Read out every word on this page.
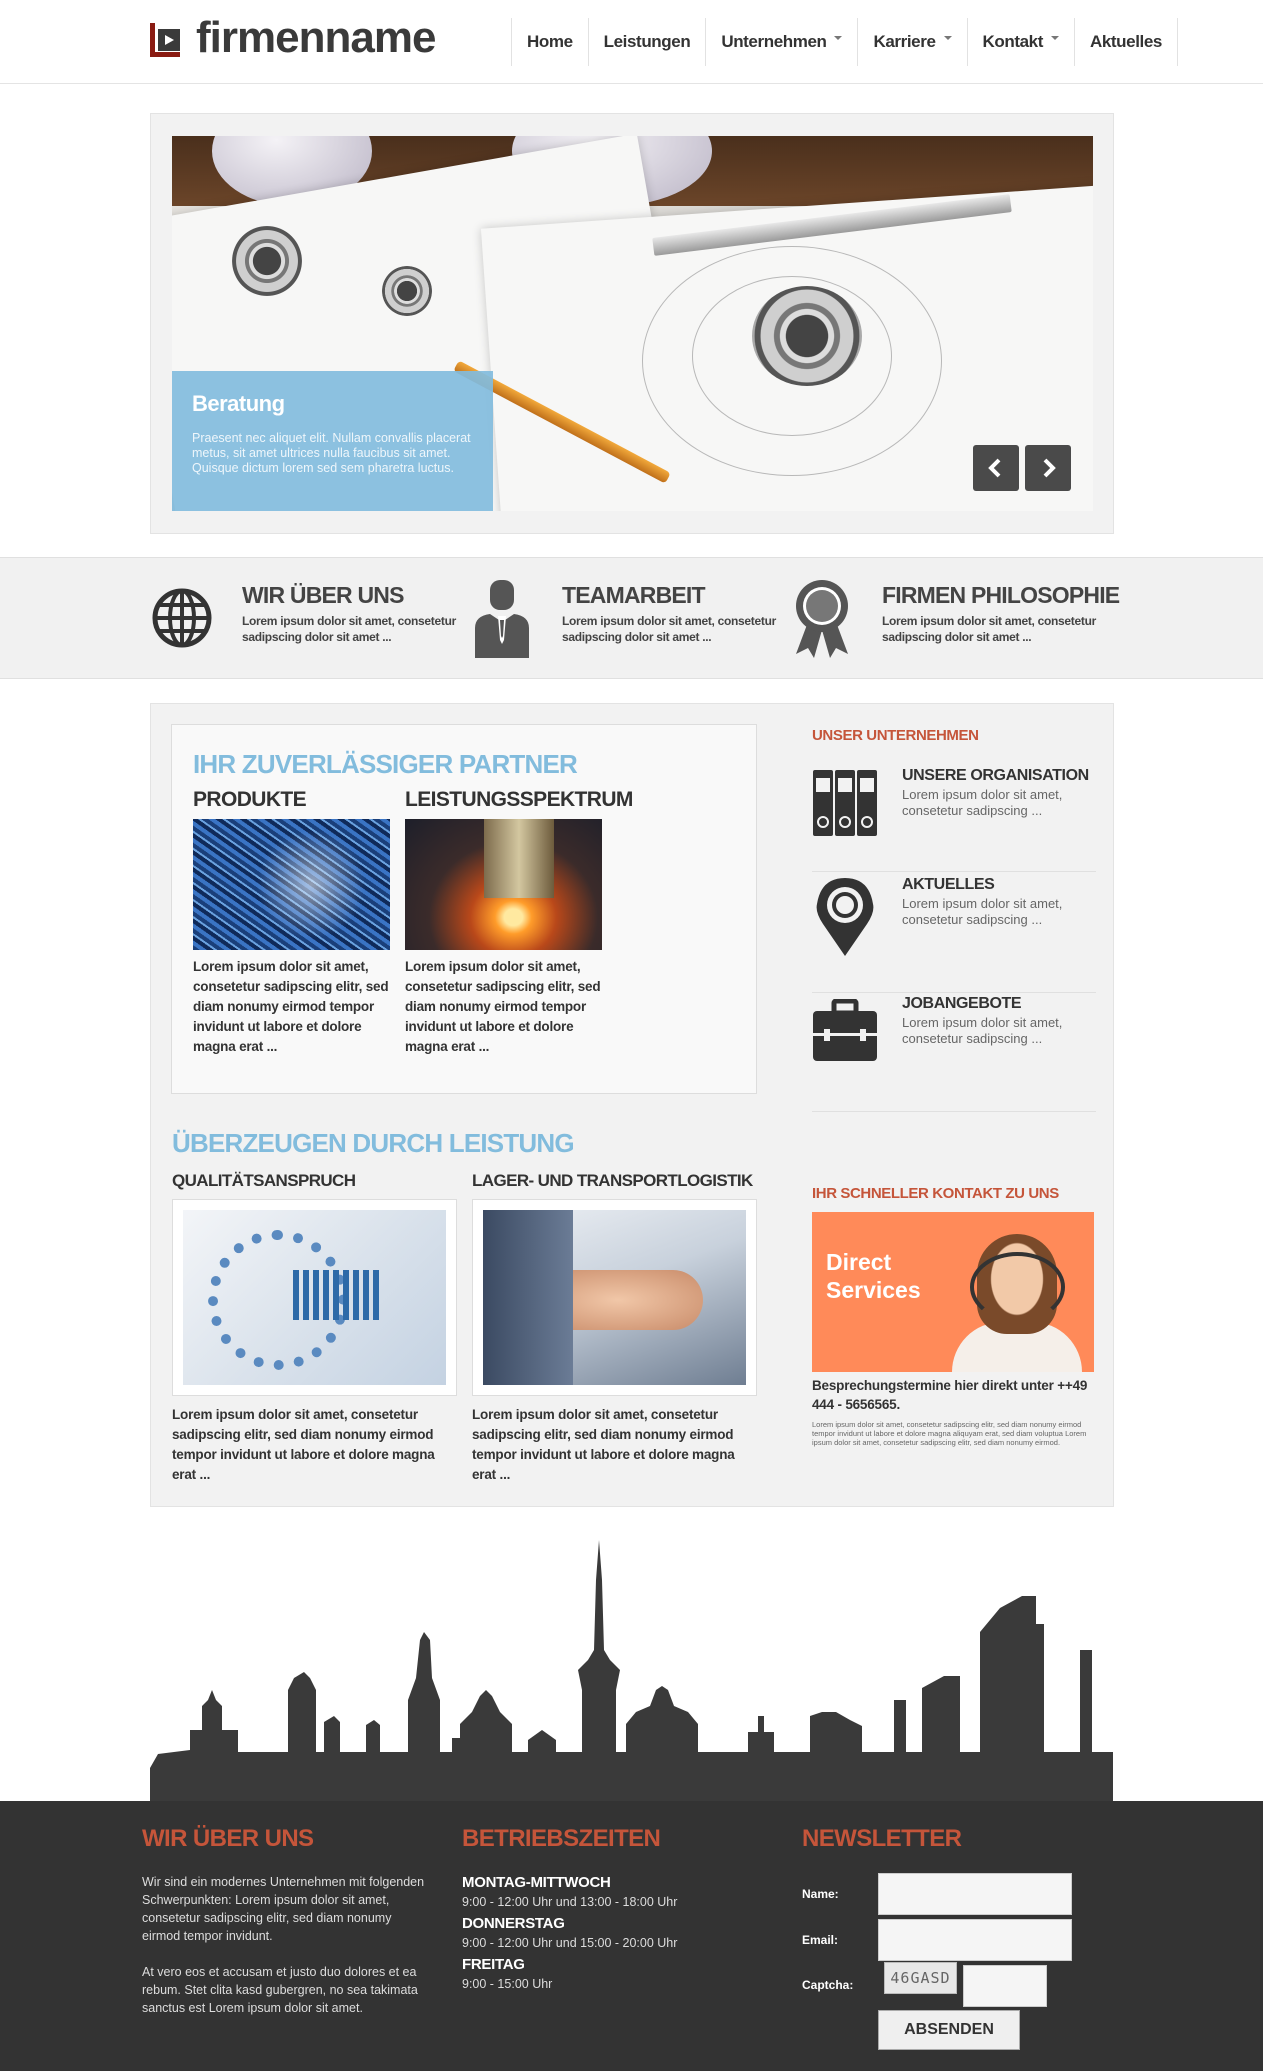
firmenname	Home Leistungen Unternehmen	Karriere	Kontakt	Aktuelles
Beratung

Praesent nec aliquet elit. Nullam convallis placerat metus, sit amet ultrices nulla faucibus sit amet. Quisque dictum lorem sed sem pharetra luctus.

WIR ÜBER UNS

Lorem ipsum dolor sit amet, consetetur sadipscing dolor sit amet ...

TEAMARBEIT

Lorem ipsum dolor sit amet, consetetur sadipscing dolor sit amet ...

FIRMEN PHILOSOPHIE

Lorem ipsum dolor sit amet, consetetur sadipscing dolor sit amet ...

IHR ZUVERLÄSSIGER PARTNER
PRODUKTE
Lorem ipsum dolor sit amet, consetetur sadipscing elitr, sed diam nonumy eirmod tempor invidunt ut labore et dolore magna erat ...
LEISTUNGSSPEKTRUM
Lorem ipsum dolor sit amet, consetetur sadipscing elitr, sed diam nonumy eirmod tempor invidunt ut labore et dolore magna erat ...
ÜBERZEUGEN DURCH LEISTUNG
QUALITÄTSANSPRUCH
Lorem ipsum dolor sit amet, consetetur sadipscing elitr, sed diam nonumy eirmod tempor invidunt ut labore et dolore magna erat ...
LAGER- UND TRANSPORTLOGISTIK
Lorem ipsum dolor sit amet, consetetur sadipscing elitr, sed diam nonumy eirmod tempor invidunt ut labore et dolore magna erat ...
UNSER UNTERNEHMEN
UNSERE ORGANISATION

Lorem ipsum dolor sit amet, consetetur sadipscing ...

AKTUELLES

Lorem ipsum dolor sit amet, consetetur sadipscing ...

JOBANGEBOTE

Lorem ipsum dolor sit amet, consetetur sadipscing ...

IHR SCHNELLER KONTAKT ZU UNS
Direct
Services
Besprechungstermine hier direkt unter ++49 444 - 5656565.
Lorem ipsum dolor sit amet, consetetur sadipscing elitr, sed diam nonumy eirmod tempor invidunt ut labore et dolore magna aliquyam erat, sed diam voluptua Lorem ipsum dolor sit amet, consetetur sadipscing elitr, sed diam nonumy eirmod.
WIR ÜBER UNS
Wir sind ein modernes Unternehmen mit folgenden Schwerpunkten: Lorem ipsum dolor sit amet, consetetur sadipscing elitr, sed diam nonumy eirmod tempor invidunt.
At vero eos et accusam et justo duo dolores et ea rebum. Stet clita kasd gubergren, no sea takimata sanctus est Lorem ipsum dolor sit amet.
BETRIEBSZEITEN
MONTAG-MITTWOCH
9:00 - 12:00 Uhr und 13:00 - 18:00 Uhr
DONNERSTAG
9:00 - 12:00 Uhr und 15:00 - 20:00 Uhr
FREITAG
9:00 - 15:00 Uhr
NEWSLETTER
Name:
Email:
Captcha:	46GASD
ABSENDEN
